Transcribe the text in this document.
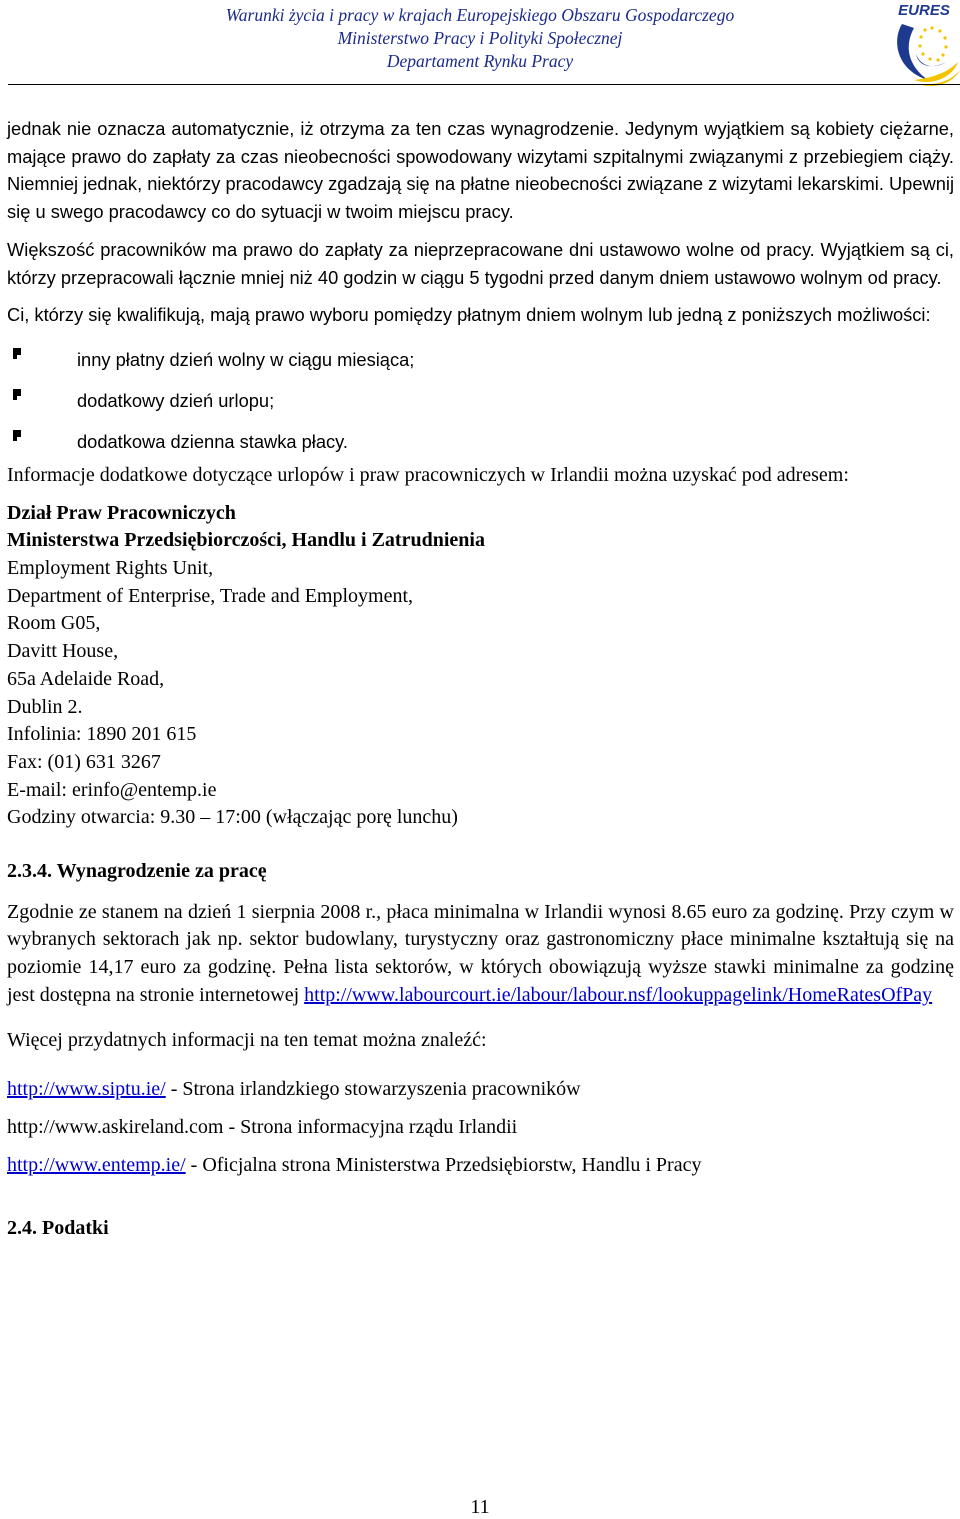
Warunki życia i pracy w krajach Europejskiego Obszaru Gospodarczego
Ministerstwo Pracy i Polityki Społecznej
Departament Rynku Pracy
EURES

jednak nie oznacza automatycznie, iż otrzyma za ten czas wynagrodzenie. Jedynym wyjątkiem są kobiety ciężarne, mające prawo do zapłaty za czas nieobecności spowodowany wizytami szpitalnymi związanymi z przebiegiem ciąży. Niemniej jednak, niektórzy pracodawcy zgadzają się na płatne nieobecności związane z wizytami lekarskimi. Upewnij się u swego pracodawcy co do sytuacji w twoim miejscu pracy.

Większość pracowników ma prawo do zapłaty za nieprzepracowane dni ustawowo wolne od pracy. Wyjątkiem są ci, którzy przepracowali łącznie mniej niż 40 godzin w ciągu 5 tygodni przed danym dniem ustawowo wolnym od pracy.

Ci, którzy się kwalifikują, mają prawo wyboru pomiędzy płatnym dniem wolnym lub jedną z poniższych możliwości:

inny płatny dzień wolny w ciągu miesiąca;
dodatkowy dzień urlopu;
dodatkowa dzienna stawka płacy.

Informacje dodatkowe dotyczące urlopów i praw pracowniczych w Irlandii można uzyskać pod adresem:

Dział Praw Pracowniczych
Ministerstwa Przedsiębiorczości, Handlu i Zatrudnienia
Employment Rights Unit,
Department of Enterprise, Trade and Employment,
Room G05,
Davitt House,
65a Adelaide Road,
Dublin 2.
Infolinia: 1890 201 615
Fax: (01) 631 3267
E-mail: erinfo@entemp.ie
Godziny otwarcia: 9.30 – 17:00 (włączając porę lunchu)
2.3.4. Wynagrodzenie za pracę

Zgodnie ze stanem na dzień 1 sierpnia 2008 r., płaca minimalna w Irlandii wynosi 8.65 euro za godzinę. Przy czym w wybranych sektorach jak np. sektor budowlany, turystyczny oraz gastronomiczny płace minimalne kształtują się na poziomie 14,17 euro za godzinę. Pełna lista sektorów, w których obowiązują wyższe stawki minimalne za godzinę jest dostępna na stronie internetowej http://www.labourcourt.ie/labour/labour.nsf/lookuppagelink/HomeRatesOfPay

Więcej przydatnych informacji na ten temat można znaleźć:

http://www.siptu.ie/ - Strona irlandzkiego stowarzyszenia pracowników
http://www.askireland.com - Strona informacyjna rządu Irlandii
http://www.entemp.ie/ - Oficjalna strona Ministerstwa Przedsiębiorstw, Handlu i Pracy
2.4. Podatki
11
